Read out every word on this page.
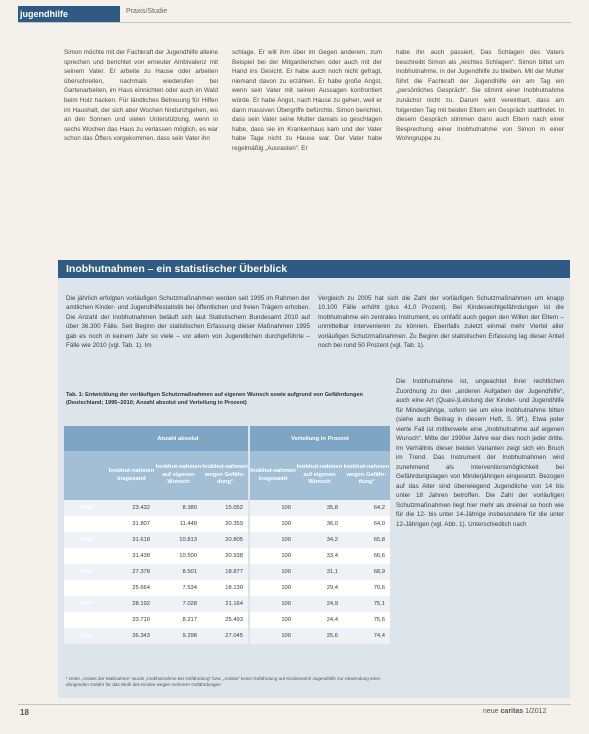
jugendhilfe	Praxis/Studie

Simon möchte mit der Fachkraft der Jugendhilfe alleine sprechen und berichtet von erneuter Ambivalenz mit seinem Vater. Er arbeite zu Hause oder arbeiten überschreiten, nachmals wiederufen bei Gartenarbeiten, im Haus einnichten oder auch im Wald beim Holz hacken. Für ländliches Betreuung für Hilfen im Haushalt, der sich aber Wochen hindurchgehen, wo an den Sonnen und vielen Unterstützung, wenn in sechs Wochen das Haus zu verlassen möglich, es war schon das Öfters vorgekommen, dass sein Vater ihn

schlage. Er will ihm über im Gegen anderem, zum Beispiel bei der Mitgardienchen oder auch mit der Hand ins Gesicht. Er habe auch noch nicht gefragt, niemand davon zu erzählen. Er habe große Angst, wenn sein Vater mit seinen Aussagen konfrontiert würde. Er habe Angst, nach Hause zu gehen, weil er dann massiven Übergriffe befürchte. Simon berichtet, dass sein Vater seine Mutter damals so geschlagen habe, dass sie im Krankenhaus kam und der Vater habe Tage nicht zu Hause war. Der Vater habe regelmäßig „Ausrasten“. Er

habe ihn auch passiert, Das Schlagen des Vaters beschreibt Simon als „leichtes Schlagen“. Simon bittet um Inobhutnahme, in der Jugendhilfe zu bleiben. Mit der Mutter führt die Fachkraft der Jugendhilfe ein am Tag ein „persönliches Gespräch“. Sie stimmt einer Inobhutnahme zunächst nicht zu. Darum wird vereinbart, dass am folgenden Tag mit beiden Eltern ein Gespräch stattfindet. In diesem Gespräch stimmen dann auch Eltern nach einer Besprechung einer Inobhutnahme von Simon in einer Wohngruppe zu.

Inobhutnahmen – ein statistischer Überblick
Die jährlich erfolgten vorläufigen Schutzmaßnahmen werden seit 1995 im Rahmen der amtlichen Kinder- und Jugendhilfestatistik bei öffentlichen und freien Trägern erhoben. Die Anzahl der Inobhutnahmen beläuft sich laut Statistischem Bundesamt 2010 auf über 36.300 Fälle. Seit Beginn der statistischen Erfassung dieser Maßnahmen 1995 gab es noch in keinem Jahr so viele – vor allem von Jugendlichen durchgeführte – Fälle wie 2010 (vgl. Tab. 1). Im
Vergleich zu 2005 hat sich die Zahl der vorläufigen Schutzmaßnahmen um knapp 10.100 Fälle erhöht (plus 41,0 Prozent). Bei Kindeswohlgefährdungen ist die Inobhutnahme ein zentrales Instrument, es umfaßt auch gegen den Willen der Eltern – unmittelbar intervenieren zu können. Ebenfalls zuletzt einmal mehr Viertel aller vorläufigen Schutzmaßnahmen. Zu Beginn der statistischen Erfassung lag dieser Anteil noch bei rund 50 Prozent (vgl. Tab. 1).
Die Inobhutnahme ist, ungeachtet ihrer rechtlichen Zuordnung zu den „anderen Aufgaben der Jugendhilfe“, auch eine Art (Quasi-)Leistung der Kinder- und Jugendhilfe für Minderjährige, sofern sie um eine Inobhutnahme bitten (siehe auch Beitrag in diesem Heft, S. 9ff.). Etwa jeder vierte Fall ist mittlerweile eine „Inobhutnahme auf eigenen Wunsch“. Mitte der 1990er Jahre war dies noch jeder dritte. Im Verhältnis dieser beiden Varianten zeigt sich ein Bruch im Trend. Das Instrument der Inobhutnahmen wird zunehmend als Interventionsmöglichkeit bei Gefährdungslagen von Minderjährigen eingesetzt. Bezogen auf das Alter sind überwiegend Jugendliche von 14 bis unter 18 Jahren betroffen. Die Zahl der vorläufigen Schutzmaßnahmen liegt hier mehr als dreimal so hoch wie für die 12- bis unter 14-Jährige insbesondere für die unter 12-Jährigen (vgl. Abb. 1). Unterschiedlich nach
Tab. 1: Entwicklung der vorläufigen Schutzmaßnahmen auf eigenen Wunsch sowie aufgrund von Gefährdungen (Deutschland; 1995–2010; Anzahl absolut und Verteilung in Prozent)
	Anzahl absolut			Verteilung in Prozent		
	Inobhut-nahmen insgesamt	Inobhut-nahmen auf eigenen Wunsch	Inobhut-nahmen wegen Gefähr-dung¹	Inobhut-nahmen insgesamt	Inobhut-nahmen auf eigenen Wunsch	Inobhut-nahmen wegen Gefähr-dung¹
1995	23.432	8.380	15.052	100	35,8	64,2
1997	31.807	11.448	20.359	100	36,0	64,0
1999	31.618	10.813	20.805	100	34,2	65,8
2001	31.438	10.500	20.938	100	33,4	66,6
2003	27.378	8.501	18.877	100	31,1	68,9
2005	25.664	7.534	18.130	100	29,4	70,6
2007	28.192	7.028	21.164	100	24,9	75,1
2009	33.710	8.217	25.493	100	24,4	75,6
2010	36.343	9.298	27.045	100	25,6	74,4
¹ Unter „Anlass der Maßnahme“ wurde „Inobhutnahme bei Gefährdung“ bzw. „Anlass“ keine Gefährdung auf Kindeswohl/ Jugendhilfe zur Abwendung einer dringenden Gefahr für das Wohl des Kindes wegen mehrerer Gefährdungen
18	neue caritas 1/2012
